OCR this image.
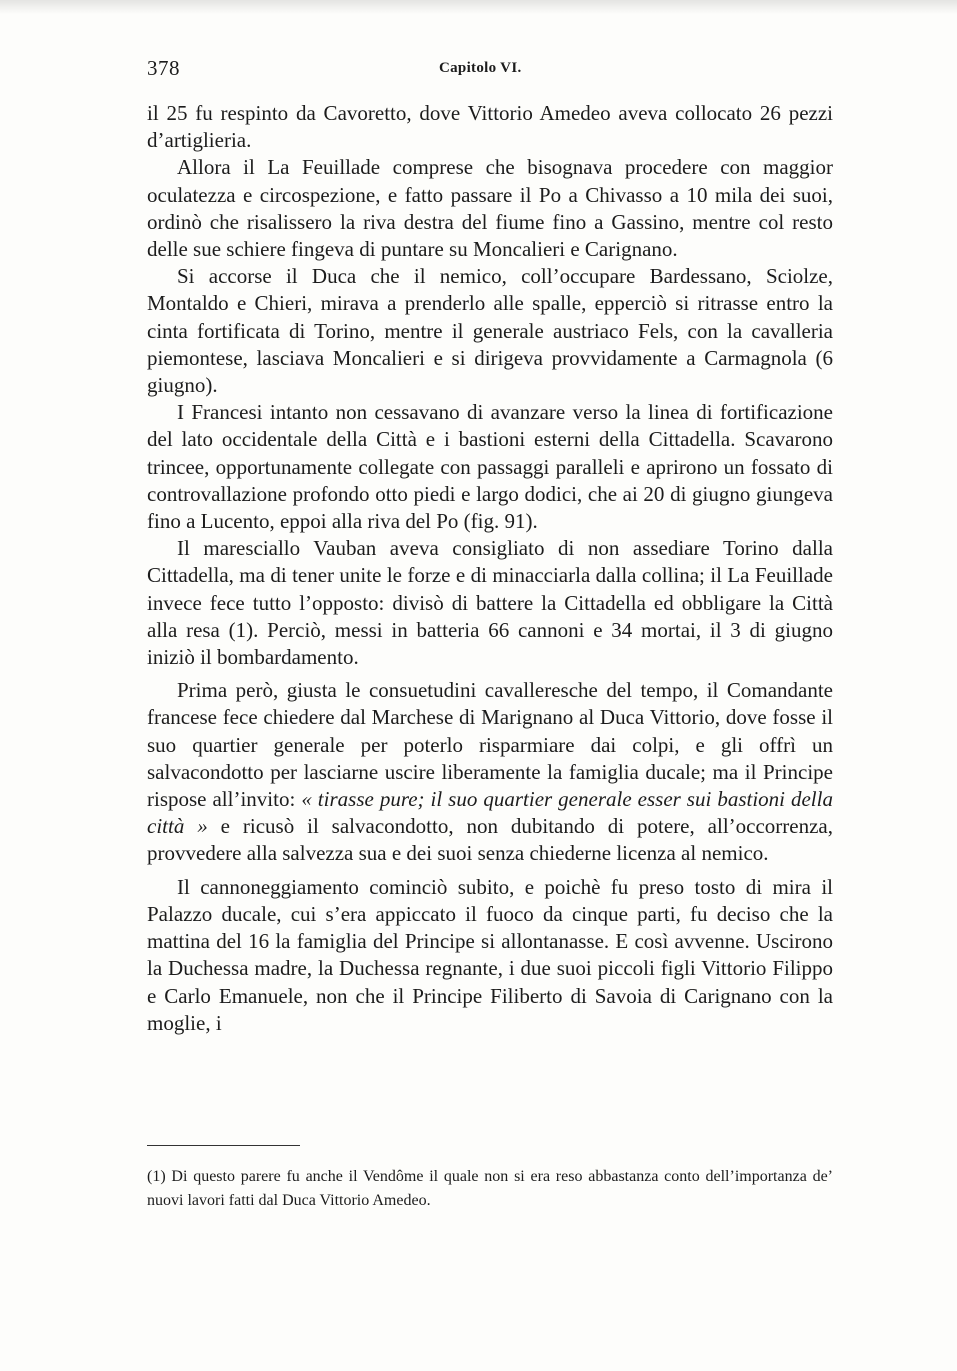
378	Capitolo VI.

il 25 fu respinto da Cavoretto, dove Vittorio Amedeo aveva collocato 26 pezzi d’artiglieria.

Allora il La Feuillade comprese che bisognava procedere con maggior oculatezza e circospezione, e fatto passare il Po a Chivasso a 10 mila dei suoi, ordinò che risalissero la riva destra del fiume fino a Gassino, mentre col resto delle sue schiere fingeva di puntare su Moncalieri e Carignano.

Si accorse il Duca che il nemico, coll’occupare Bardessano, Sciolze, Montaldo e Chieri, mirava a prenderlo alle spalle, epperciò si ritrasse entro la cinta fortificata di Torino, mentre il generale austriaco Fels, con la cavalleria piemontese, lasciava Moncalieri e si dirigeva provvidamente a Carmagnola (6 giugno).

I Francesi intanto non cessavano di avanzare verso la linea di fortificazione del lato occidentale della Città e i bastioni esterni della Cittadella. Scavarono trincee, opportunamente collegate con passaggi paralleli e aprirono un fossato di controvallazione profondo otto piedi e largo dodici, che ai 20 di giugno giungeva fino a Lucento, eppoi alla riva del Po (fig. 91).

Il maresciallo Vauban aveva consigliato di non assediare Torino dalla Cittadella, ma di tener unite le forze e di minacciarla dalla collina; il La Feuillade invece fece tutto l’opposto: divisò di battere la Cittadella ed obbligare la Città alla resa (1). Perciò, messi in batteria 66 cannoni e 34 mortai, il 3 di giugno iniziò il bombardamento.

Prima però, giusta le consuetudini cavalleresche del tempo, il Comandante francese fece chiedere dal Marchese di Marignano al Duca Vittorio, dove fosse il suo quartier generale per poterlo risparmiare dai colpi, e gli offrì un salvacondotto per lasciarne uscire liberamente la famiglia ducale; ma il Principe rispose all’invito: « tirasse pure; il suo quartier generale esser sui bastioni della città » e ricusò il salvacondotto, non dubitando di potere, all’occorrenza, provvedere alla salvezza sua e dei suoi senza chiederne licenza al nemico.

Il cannoneggiamento cominciò subito, e poichè fu preso tosto di mira il Palazzo ducale, cui s’era appiccato il fuoco da cinque parti, fu deciso che la mattina del 16 la famiglia del Principe si allontanasse. E così avvenne. Uscirono la Duchessa madre, la Duchessa regnante, i due suoi piccoli figli Vittorio Filippo e Carlo Emanuele, non che il Principe Filiberto di Savoia di Carignano con la moglie, i

(1) Di questo parere fu anche il Vendôme il quale non si era reso abbastanza conto dell’importanza de’ nuovi lavori fatti dal Duca Vittorio Amedeo.
